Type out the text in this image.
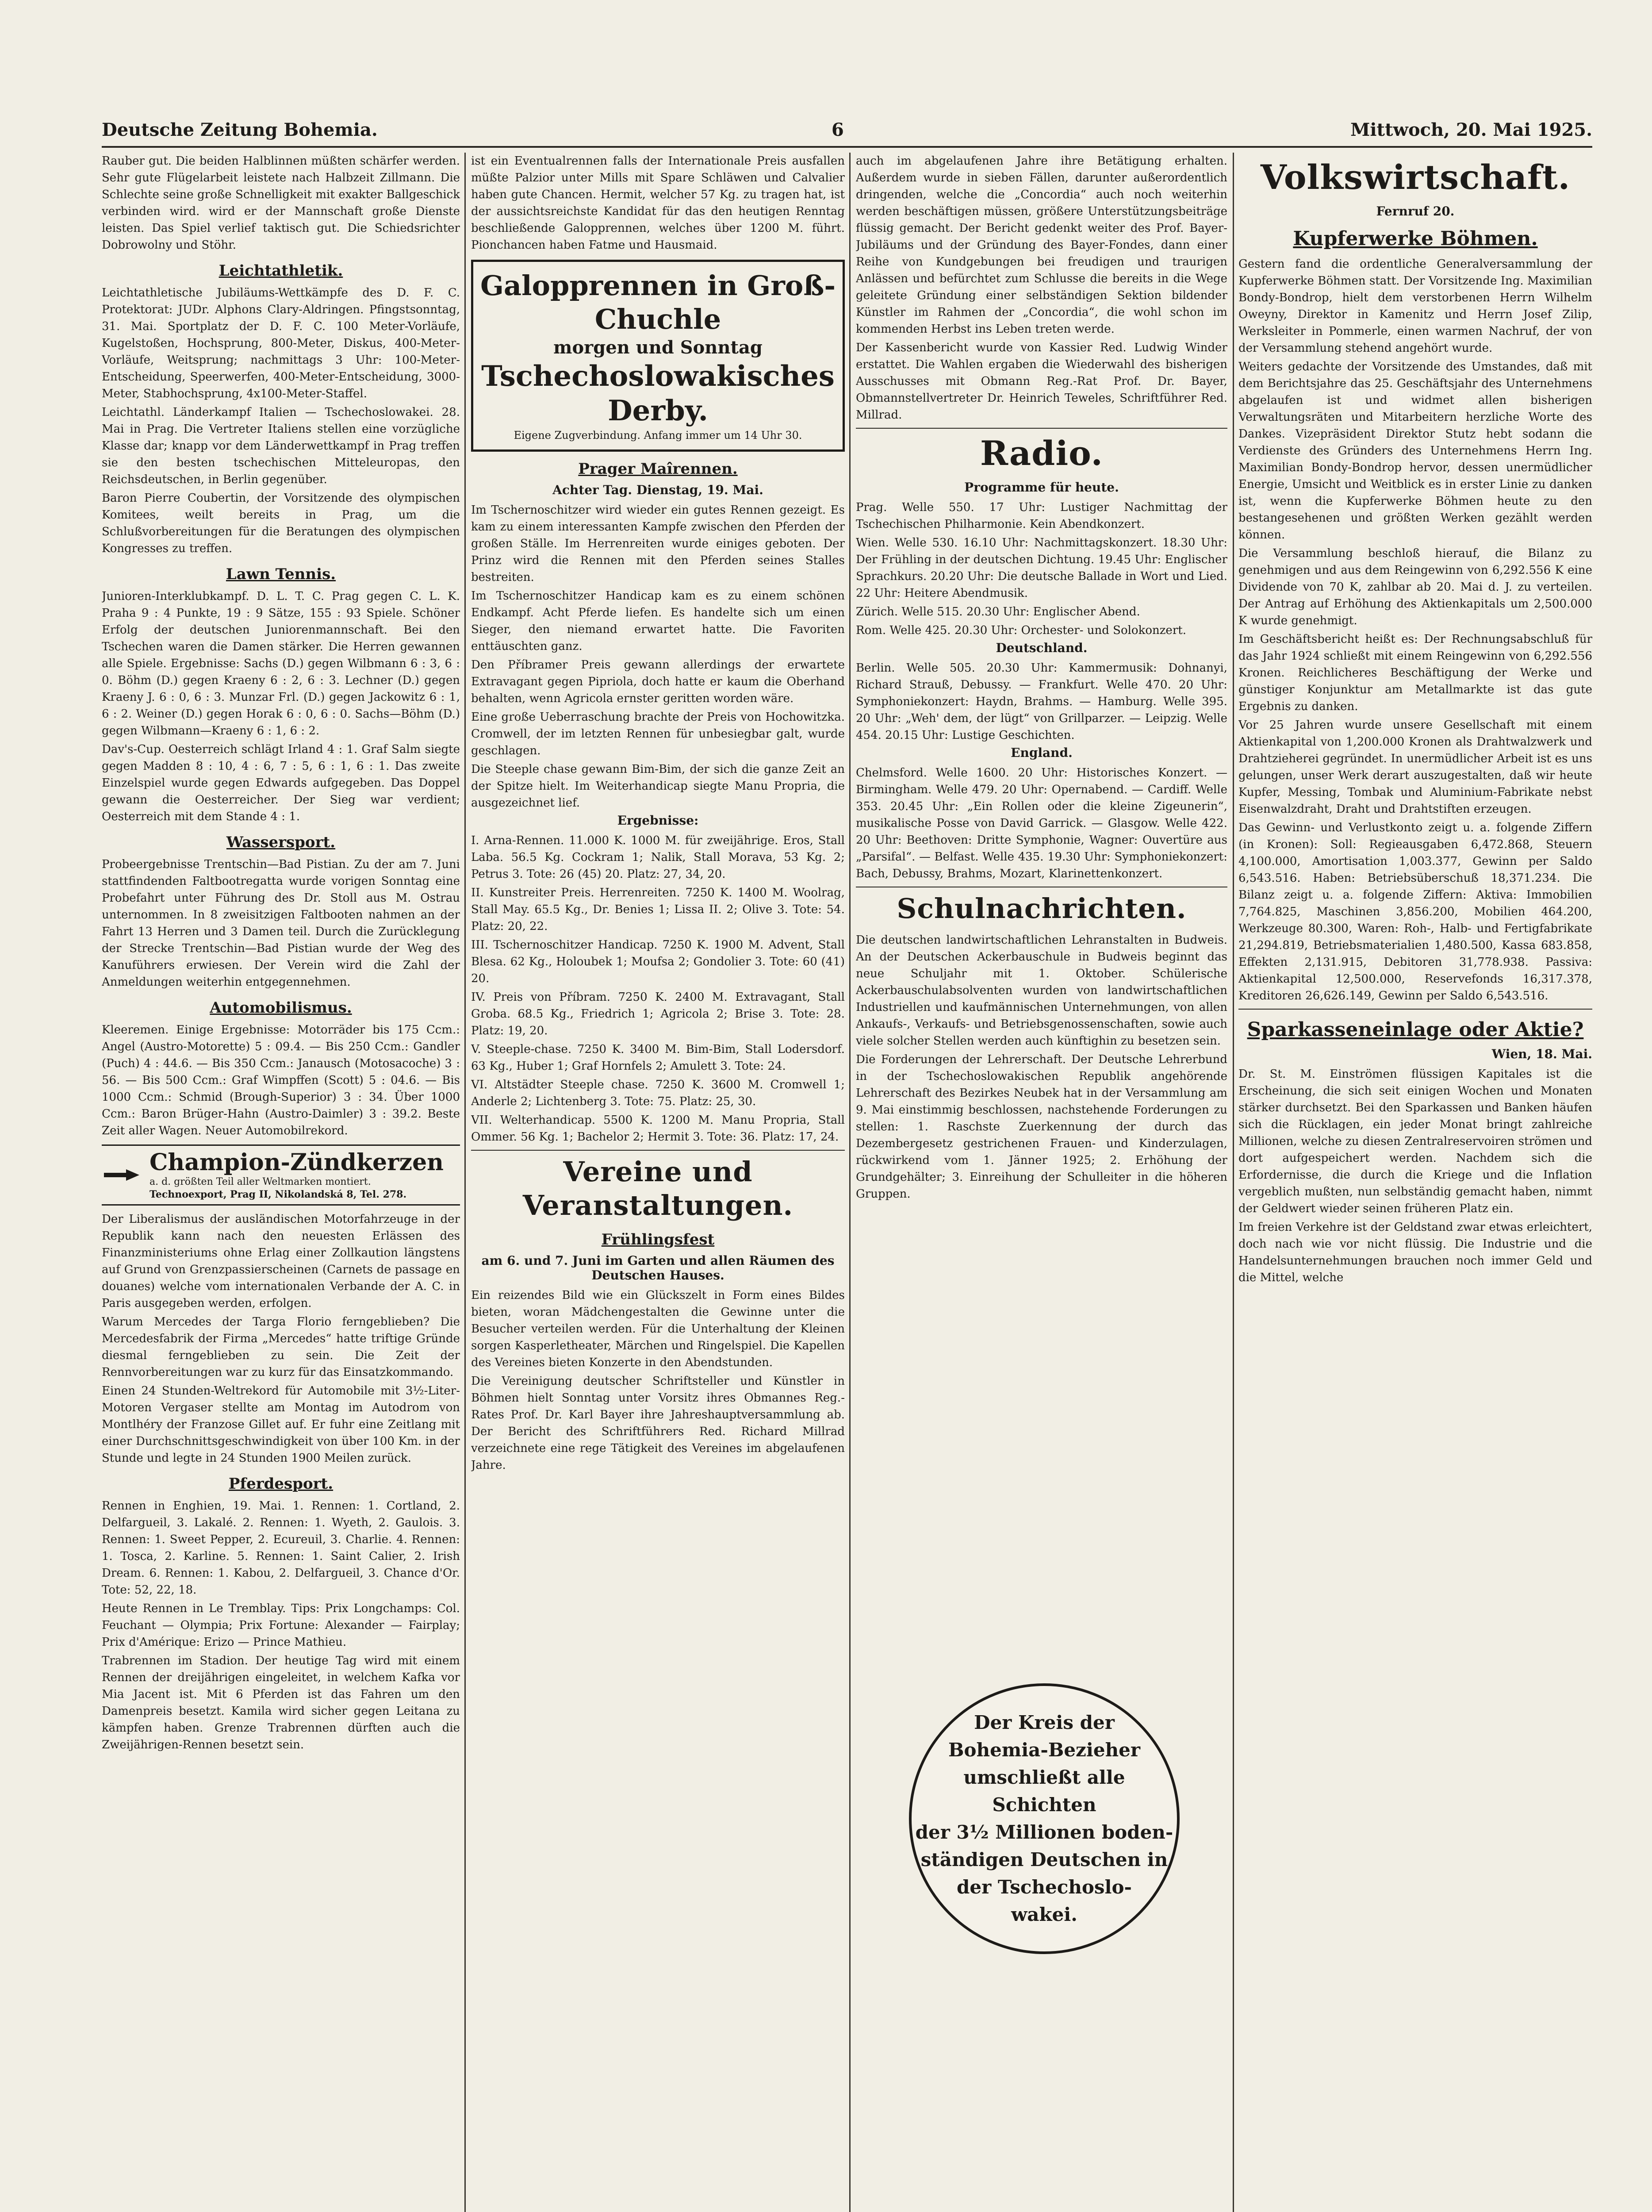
Deutsche Zeitung Bohemia.	6	Mittwoch, 20. Mai 1925.

Rauber gut. Die beiden Halblinnen müßten schärfer werden. Sehr gute Flügelarbeit leistete nach Halbzeit Zillmann. Die Schlechte seine große Schnelligkeit mit exakter Ballgeschick verbinden wird. wird er der Mannschaft große Dienste leisten. Das Spiel verlief taktisch gut. Die Schiedsrichter Dobrowolny und Stöhr.

Leichtathletik.

Leichtathletische Jubiläums-Wettkämpfe des D. F. C. Protektorat: JUDr. Alphons Clary-Aldringen. Pfingstsonntag, 31. Mai. Sportplatz der D. F. C. 100 Meter-Vorläufe, Kugelstoßen, Hochsprung, 800-Meter, Diskus, 400-Meter-Vorläufe, Weitsprung; nachmittags 3 Uhr: 100-Meter-Entscheidung, Speerwerfen, 400-Meter-Entscheidung, 3000-Meter, Stabhochsprung, 4x100-Meter-Staffel.

Leichtathl. Länderkampf Italien — Tschechoslowakei. 28. Mai in Prag. Die Vertreter Italiens stellen eine vorzügliche Klasse dar; knapp vor dem Länderwettkampf in Prag treffen sie den besten tschechischen Mitteleuropas, den Reichsdeutschen, in Berlin gegenüber.

Baron Pierre Coubertin, der Vorsitzende des olympischen Komitees, weilt bereits in Prag, um die Schlußvorbereitungen für die Beratungen des olympischen Kongresses zu treffen.

Lawn Tennis.

Junioren-Interklubkampf. D. L. T. C. Prag gegen C. L. K. Praha 9 : 4 Punkte, 19 : 9 Sätze, 155 : 93 Spiele. Schöner Erfolg der deutschen Juniorenmannschaft. Bei den Tschechen waren die Damen stärker. Die Herren gewannen alle Spiele. Ergebnisse: Sachs (D.) gegen Wilbmann 6 : 3, 6 : 0. Böhm (D.) gegen Kraeny 6 : 2, 6 : 3. Lechner (D.) gegen Kraeny J. 6 : 0, 6 : 3. Munzar Frl. (D.) gegen Jackowitz 6 : 1, 6 : 2. Weiner (D.) gegen Horak 6 : 0, 6 : 0. Sachs—Böhm (D.) gegen Wilbmann—Kraeny 6 : 1, 6 : 2.

Dav's-Cup. Oesterreich schlägt Irland 4 : 1. Graf Salm siegte gegen Madden 8 : 10, 4 : 6, 7 : 5, 6 : 1, 6 : 1. Das zweite Einzelspiel wurde gegen Edwards aufgegeben. Das Doppel gewann die Oesterreicher. Der Sieg war verdient; Oesterreich mit dem Stande 4 : 1.

Wassersport.

Probeergebnisse Trentschin—Bad Pistian. Zu der am 7. Juni stattfindenden Faltbootregatta wurde vorigen Sonntag eine Probefahrt unter Führung des Dr. Stoll aus M. Ostrau unternommen. In 8 zweisitzigen Faltbooten nahmen an der Fahrt 13 Herren und 3 Damen teil. Durch die Zurücklegung der Strecke Trentschin—Bad Pistian wurde der Weg des Kanuführers erwiesen. Der Verein wird die Zahl der Anmeldungen weiterhin entgegennehmen.

Automobilismus.

Kleeremen. Einige Ergebnisse: Motorräder bis 175 Ccm.: Angel (Austro-Motorette) 5 : 09.4. — Bis 250 Ccm.: Gandler (Puch) 4 : 44.6. — Bis 350 Ccm.: Janausch (Motosacoche) 3 : 56. — Bis 500 Ccm.: Graf Wimpffen (Scott) 5 : 04.6. — Bis 1000 Ccm.: Schmid (Brough-Superior) 3 : 34. Über 1000 Ccm.: Baron Brüger-Hahn (Austro-Daimler) 3 : 39.2. Beste Zeit aller Wagen. Neuer Automobilrekord.

Champion-Zündkerzen
a. d. größten Teil aller Weltmarken montiert.
Technoexport, Prag II, Nikolandská 8, Tel. 278.

Der Liberalismus der ausländischen Motorfahrzeuge in der Republik kann nach den neuesten Erlässen des Finanzministeriums ohne Erlag einer Zollkaution längstens auf Grund von Grenzpassierscheinen (Carnets de passage en douanes) welche vom internationalen Verbande der A. C. in Paris ausgegeben werden, erfolgen.

Warum Mercedes der Targa Florio ferngeblieben? Die Mercedesfabrik der Firma „Mercedes“ hatte triftige Gründe diesmal ferngeblieben zu sein. Die Zeit der Rennvorbereitungen war zu kurz für das Einsatzkommando.

Einen 24 Stunden-Weltrekord für Automobile mit 3½-Liter-Motoren Vergaser stellte am Montag im Autodrom von Montlhéry der Franzose Gillet auf. Er fuhr eine Zeitlang mit einer Durchschnittsgeschwindigkeit von über 100 Km. in der Stunde und legte in 24 Stunden 1900 Meilen zurück.

Pferdesport.

Rennen in Enghien, 19. Mai. 1. Rennen: 1. Cortland, 2. Delfargueil, 3. Lakalé. 2. Rennen: 1. Wyeth, 2. Gaulois. 3. Rennen: 1. Sweet Pepper, 2. Ecureuil, 3. Charlie. 4. Rennen: 1. Tosca, 2. Karline. 5. Rennen: 1. Saint Calier, 2. Irish Dream. 6. Rennen: 1. Kabou, 2. Delfargueil, 3. Chance d'Or. Tote: 52, 22, 18.

Heute Rennen in Le Tremblay. Tips: Prix Longchamps: Col. Feuchant — Olympia; Prix Fortune: Alexander — Fairplay; Prix d'Amérique: Erizo — Prince Mathieu.

Trabrennen im Stadion. Der heutige Tag wird mit einem Rennen der dreijährigen eingeleitet, in welchem Kafka vor Mia Jacent ist. Mit 6 Pferden ist das Fahren um den Damenpreis besetzt. Kamila wird sicher gegen Leitana zu kämpfen haben. Grenze Trabrennen dürften auch die Zweijährigen-Rennen besetzt sein.

ist ein Eventualrennen falls der Internationale Preis ausfallen müßte Palzior unter Mills mit Spare Schläwen und Calvalier haben gute Chancen. Hermit, welcher 57 Kg. zu tragen hat, ist der aussichtsreichste Kandidat für das den heutigen Renntag beschließende Galopprennen, welches über 1200 M. führt. Pionchancen haben Fatme und Hausmaid.

Galopprennen in Groß-Chuchle
morgen und Sonntag
Tschechoslowakisches Derby.
Eigene Zugverbindung. Anfang immer um 14 Uhr 30.
Prager Maîrennen.
Achter Tag. Dienstag, 19. Mai.

Im Tschernoschitzer wird wieder ein gutes Rennen gezeigt. Es kam zu einem interessanten Kampfe zwischen den Pferden der großen Ställe. Im Herrenreiten wurde einiges geboten. Der Prinz wird die Rennen mit den Pferden seines Stalles bestreiten.

Im Tschernoschitzer Handicap kam es zu einem schönen Endkampf. Acht Pferde liefen. Es handelte sich um einen Sieger, den niemand erwartet hatte. Die Favoriten enttäuschten ganz.

Den Příbramer Preis gewann allerdings der erwartete Extravagant gegen Pipriola, doch hatte er kaum die Oberhand behalten, wenn Agricola ernster geritten worden wäre.

Eine große Ueberraschung brachte der Preis von Hochowitzka. Cromwell, der im letzten Rennen für unbesiegbar galt, wurde geschlagen.

Die Steeple chase gewann Bim-Bim, der sich die ganze Zeit an der Spitze hielt. Im Weiterhandicap siegte Manu Propria, die ausgezeichnet lief.

Ergebnisse:

I. Arna-Rennen. 11.000 K. 1000 M. für zweijährige. Eros, Stall Laba. 56.5 Kg. Cockram 1; Nalik, Stall Morava, 53 Kg. 2; Petrus 3. Tote: 26 (45) 20. Platz: 27, 34, 20.

II. Kunstreiter Preis. Herrenreiten. 7250 K. 1400 M. Woolrag, Stall May. 65.5 Kg., Dr. Benies 1; Lissa II. 2; Olive 3. Tote: 54. Platz: 20, 22.

III. Tschernoschitzer Handicap. 7250 K. 1900 M. Advent, Stall Blesa. 62 Kg., Holoubek 1; Moufsa 2; Gondolier 3. Tote: 60 (41) 20.

IV. Preis von Příbram. 7250 K. 2400 M. Extravagant, Stall Groba. 68.5 Kg., Friedrich 1; Agricola 2; Brise 3. Tote: 28. Platz: 19, 20.

V. Steeple-chase. 7250 K. 3400 M. Bim-Bim, Stall Lodersdorf. 63 Kg., Huber 1; Graf Hornfels 2; Amulett 3. Tote: 24.

VI. Altstädter Steeple chase. 7250 K. 3600 M. Cromwell 1; Anderle 2; Lichtenberg 3. Tote: 75. Platz: 25, 30.

VII. Welterhandicap. 5500 K. 1200 M. Manu Propria, Stall Ommer. 56 Kg. 1; Bachelor 2; Hermit 3. Tote: 36. Platz: 17, 24.

Vereine und Veranstaltungen.
Frühlingsfest
am 6. und 7. Juni im Garten und allen Räumen des Deutschen Hauses.

Ein reizendes Bild wie ein Glückszelt in Form eines Bildes bieten, woran Mädchengestalten die Gewinne unter die Besucher verteilen werden. Für die Unterhaltung der Kleinen sorgen Kasperletheater, Märchen und Ringelspiel. Die Kapellen des Vereines bieten Konzerte in den Abendstunden.

Die Vereinigung deutscher Schriftsteller und Künstler in Böhmen hielt Sonntag unter Vorsitz ihres Obmannes Reg.-Rates Prof. Dr. Karl Bayer ihre Jahreshauptversammlung ab. Der Bericht des Schriftführers Red. Richard Millrad verzeichnete eine rege Tätigkeit des Vereines im abgelaufenen Jahre.

auch im abgelaufenen Jahre ihre Betätigung erhalten. Außerdem wurde in sieben Fällen, darunter außerordentlich dringenden, welche die „Concordia“ auch noch weiterhin werden beschäftigen müssen, größere Unterstützungsbeiträge flüssig gemacht. Der Bericht gedenkt weiter des Prof. Bayer-Jubiläums und der Gründung des Bayer-Fondes, dann einer Reihe von Kundgebungen bei freudigen und traurigen Anlässen und befürchtet zum Schlusse die bereits in die Wege geleitete Gründung einer selbständigen Sektion bildender Künstler im Rahmen der „Concordia“, die wohl schon im kommenden Herbst ins Leben treten werde.

Der Kassenbericht wurde von Kassier Red. Ludwig Winder erstattet. Die Wahlen ergaben die Wiederwahl des bisherigen Ausschusses mit Obmann Reg.-Rat Prof. Dr. Bayer, Obmannstellvertreter Dr. Heinrich Teweles, Schriftführer Red. Millrad.

Radio.
Programme für heute.

Prag. Welle 550. 17 Uhr: Lustiger Nachmittag der Tschechischen Philharmonie. Kein Abendkonzert.

Wien. Welle 530. 16.10 Uhr: Nachmittagskonzert. 18.30 Uhr: Der Frühling in der deutschen Dichtung. 19.45 Uhr: Englischer Sprachkurs. 20.20 Uhr: Die deutsche Ballade in Wort und Lied. 22 Uhr: Heitere Abendmusik.

Zürich. Welle 515. 20.30 Uhr: Englischer Abend.

Rom. Welle 425. 20.30 Uhr: Orchester- und Solokonzert.

Deutschland.

Berlin. Welle 505. 20.30 Uhr: Kammermusik: Dohnanyi, Richard Strauß, Debussy. — Frankfurt. Welle 470. 20 Uhr: Symphoniekonzert: Haydn, Brahms. — Hamburg. Welle 395. 20 Uhr: „Weh' dem, der lügt“ von Grillparzer. — Leipzig. Welle 454. 20.15 Uhr: Lustige Geschichten.

England.

Chelmsford. Welle 1600. 20 Uhr: Historisches Konzert. — Birmingham. Welle 479. 20 Uhr: Opernabend. — Cardiff. Welle 353. 20.45 Uhr: „Ein Rollen oder die kleine Zigeunerin“, musikalische Posse von David Garrick. — Glasgow. Welle 422. 20 Uhr: Beethoven: Dritte Symphonie, Wagner: Ouvertüre aus „Parsifal“. — Belfast. Welle 435. 19.30 Uhr: Symphoniekonzert: Bach, Debussy, Brahms, Mozart, Klarinettenkonzert.

Schulnachrichten.

Die deutschen landwirtschaftlichen Lehranstalten in Budweis. An der Deutschen Ackerbauschule in Budweis beginnt das neue Schuljahr mit 1. Oktober. Schülerische Ackerbauschulabsolventen wurden von landwirtschaftlichen Industriellen und kaufmännischen Unternehmungen, von allen Ankaufs-, Verkaufs- und Betriebsgenossenschaften, sowie auch viele solcher Stellen werden auch künftighin zu besetzen sein.

Die Forderungen der Lehrerschaft. Der Deutsche Lehrerbund in der Tschechoslowakischen Republik angehörende Lehrerschaft des Bezirkes Neubek hat in der Versammlung am 9. Mai einstimmig beschlossen, nachstehende Forderungen zu stellen: 1. Raschste Zuerkennung der durch das Dezembergesetz gestrichenen Frauen- und Kinderzulagen, rückwirkend vom 1. Jänner 1925; 2. Erhöhung der Grundgehälter; 3. Einreihung der Schulleiter in die höheren Gruppen.

Der Kreis der
Bohemia-Bezieher
umschließt alle Schichten
der 3½ Millionen boden-
ständigen Deutschen in
der Tschechoslo-
wakei.
Volkswirtschaft.
Fernruf 20.
Kupferwerke Böhmen.

Gestern fand die ordentliche Generalversammlung der Kupferwerke Böhmen statt. Der Vorsitzende Ing. Maximilian Bondy-Bondrop, hielt dem verstorbenen Herrn Wilhelm Oweyny, Direktor in Kamenitz und Herrn Josef Zilip, Werksleiter in Pommerle, einen warmen Nachruf, der von der Versammlung stehend angehört wurde.

Weiters gedachte der Vorsitzende des Umstandes, daß mit dem Berichtsjahre das 25. Geschäftsjahr des Unternehmens abgelaufen ist und widmet allen bisherigen Verwaltungsräten und Mitarbeitern herzliche Worte des Dankes. Vizepräsident Direktor Stutz hebt sodann die Verdienste des Gründers des Unternehmens Herrn Ing. Maximilian Bondy-Bondrop hervor, dessen unermüdlicher Energie, Umsicht und Weitblick es in erster Linie zu danken ist, wenn die Kupferwerke Böhmen heute zu den bestangesehenen und größten Werken gezählt werden können.

Die Versammlung beschloß hierauf, die Bilanz zu genehmigen und aus dem Reingewinn von 6,292.556 K eine Dividende von 70 K, zahlbar ab 20. Mai d. J. zu verteilen. Der Antrag auf Erhöhung des Aktienkapitals um 2,500.000 K wurde genehmigt.

Im Geschäftsbericht heißt es: Der Rechnungsabschluß für das Jahr 1924 schließt mit einem Reingewinn von 6,292.556 Kronen. Reichlicheres Beschäftigung der Werke und günstiger Konjunktur am Metallmarkte ist das gute Ergebnis zu danken.

Vor 25 Jahren wurde unsere Gesellschaft mit einem Aktienkapital von 1,200.000 Kronen als Drahtwalzwerk und Drahtzieherei gegründet. In unermüdlicher Arbeit ist es uns gelungen, unser Werk derart auszugestalten, daß wir heute Kupfer, Messing, Tombak und Aluminium-Fabrikate nebst Eisenwalzdraht, Draht und Drahtstiften erzeugen.

Das Gewinn- und Verlustkonto zeigt u. a. folgende Ziffern (in Kronen): Soll: Regieausgaben 6,472.868, Steuern 4,100.000, Amortisation 1,003.377, Gewinn per Saldo 6,543.516. Haben: Betriebsüberschuß 18,371.234. Die Bilanz zeigt u. a. folgende Ziffern: Aktiva: Immobilien 7,764.825, Maschinen 3,856.200, Mobilien 464.200, Werkzeuge 80.300, Waren: Roh-, Halb- und Fertigfabrikate 21,294.819, Betriebsmaterialien 1,480.500, Kassa 683.858, Effekten 2,131.915, Debitoren 31,778.938. Passiva: Aktienkapital 12,500.000, Reservefonds 16,317.378, Kreditoren 26,626.149, Gewinn per Saldo 6,543.516.

Sparkasseneinlage oder Aktie?
Wien, 18. Mai.

Dr. St. M. Einströmen flüssigen Kapitales ist die Erscheinung, die sich seit einigen Wochen und Monaten stärker durchsetzt. Bei den Sparkassen und Banken häufen sich die Rücklagen, ein jeder Monat bringt zahlreiche Millionen, welche zu diesen Zentralreservoiren strömen und dort aufgespeichert werden. Nachdem sich die Erfordernisse, die durch die Kriege und die Inflation vergeblich mußten, nun selbständig gemacht haben, nimmt der Geldwert wieder seinen früheren Platz ein.

Im freien Verkehre ist der Geldstand zwar etwas erleichtert, doch nach wie vor nicht flüssig. Die Industrie und die Handelsunternehmungen brauchen noch immer Geld und die Mittel, welche
